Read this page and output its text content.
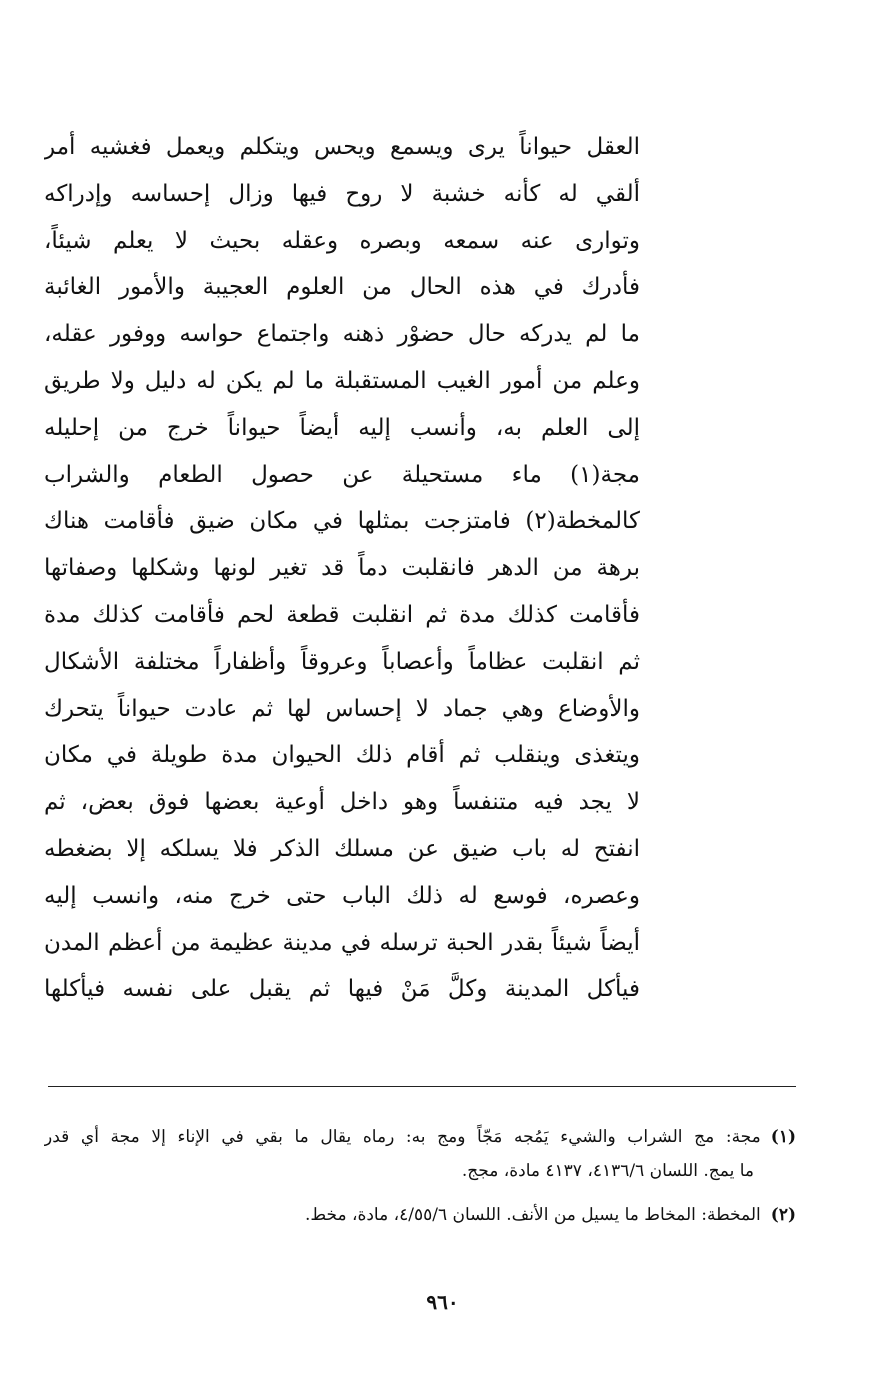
العقل حيواناً يرى ويسمع ويحس ويتكلم ويعمل فغشيه أمر
ألقي له كأنه خشبة لا روح فيها وزال إحساسه وإدراكه
وتوارى عنه سمعه وبصره وعقله بحيث لا يعلم شيئاً،
فأدرك في هذه الحال من العلوم العجيبة والأمور الغائبة
ما لم يدركه حال حضوْر ذهنه واجتماع حواسه ووفور عقله،
وعلم من أمور الغيب المستقبلة ما لم يكن له دليل ولا طريق
إلى العلم به، وأنسب إليه أيضاً حيواناً خرج من إحليله
مجة(١) ماء مستحيلة عن حصول الطعام والشراب
كالمخطة(٢) فامتزجت بمثلها في مكان ضيق فأقامت هناك
برهة من الدهر فانقلبت دماً قد تغير لونها وشكلها وصفاتها
فأقامت كذلك مدة ثم انقلبت قطعة لحم فأقامت كذلك مدة
ثم انقلبت عظاماً وأعصاباً وعروقاً وأظفاراً مختلفة الأشكال
والأوضاع وهي جماد لا إحساس لها ثم عادت حيواناً يتحرك
ويتغذى وينقلب ثم أقام ذلك الحيوان مدة طويلة في مكان
لا يجد فيه متنفساً وهو داخل أوعية بعضها فوق بعض، ثم
انفتح له باب ضيق عن مسلك الذكر فلا يسلكه إلا بضغطه
وعصره، فوسع له ذلك الباب حتى خرج منه، وانسب إليه
أيضاً شيئاً بقدر الحبة ترسله في مدينة عظيمة من أعظم المدن
فيأكل المدينة وكلَّ مَنْ فيها ثم يقبل على نفسه فيأكلها
(١)مجة: مج الشراب والشيء يَمُجه مَجّاً ومج به: رماه يقال ما بقي في الإناء إلا مجة أي قدر
ما يمج. اللسان ٤١٣٦/٦، ٤١٣٧ مادة، مجج.
(٢)المخطة: المخاط ما يسيل من الأنف. اللسان ٤/٥٥/٦، مادة، مخط.
٩٦٠
